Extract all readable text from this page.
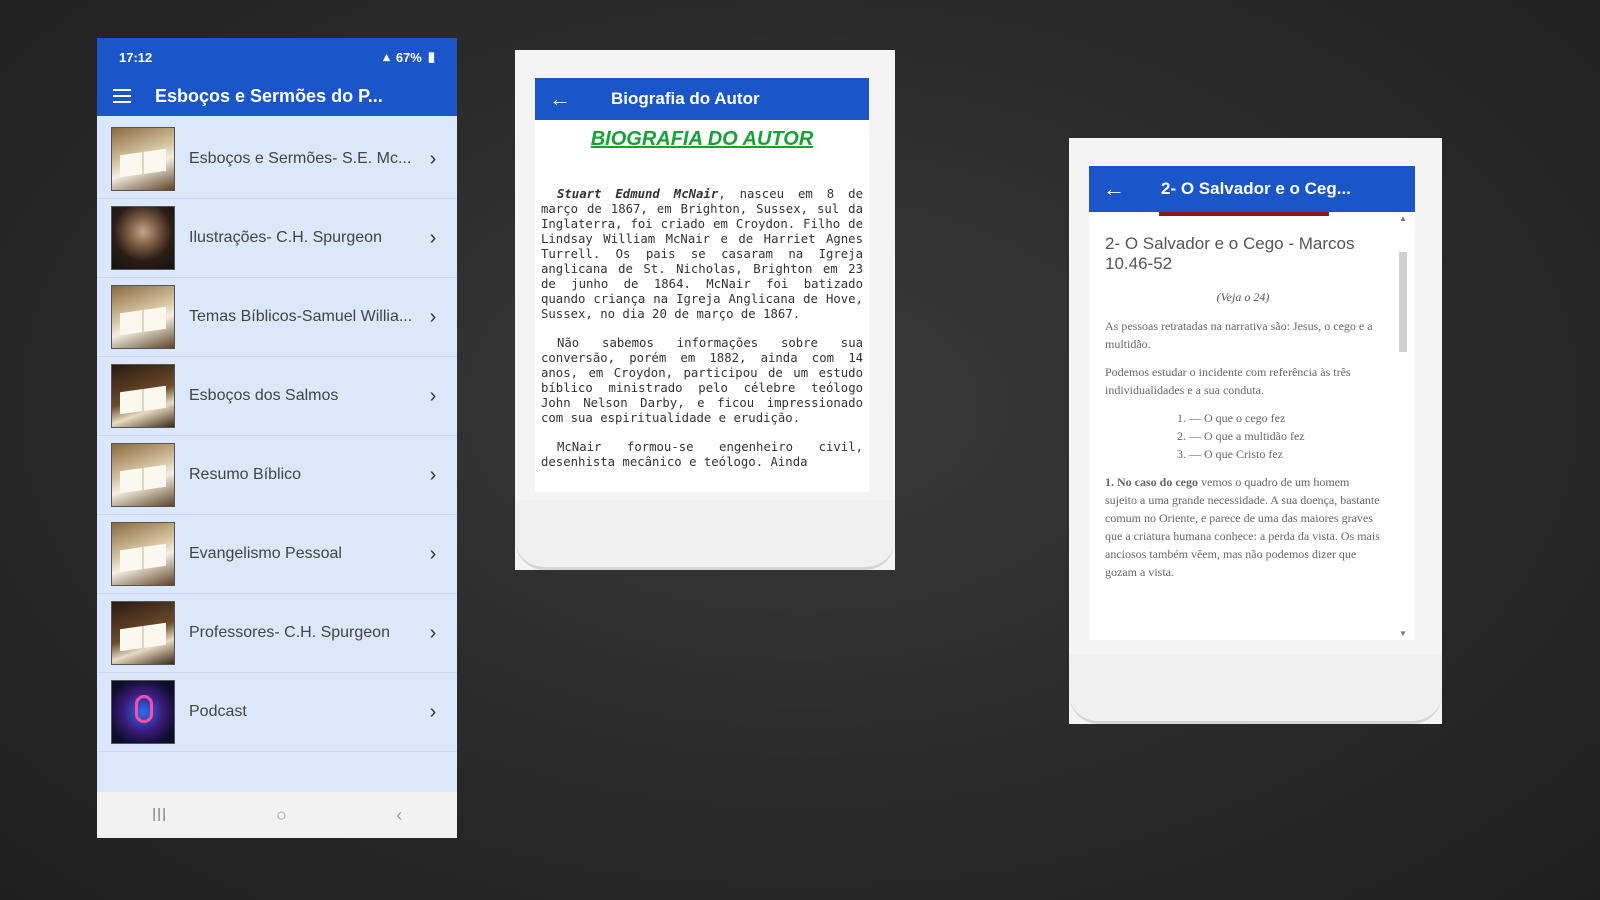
17:12	▴ 67% ▮
Esboços e Sermões do P...
Esboços e Sermões- S.E. Mc... ›
Ilustrações- C.H. Spurgeon	›
Temas Bíblicos-Samuel Willia... ›
Esboços dos Salmos	›
Resumo Bíblico	›
Evangelismo Pessoal	›
Professores- C.H. Spurgeon	›
Podcast	›
III	○	‹
← Biografia do Autor
BIOGRAFIA DO AUTOR

Stuart Edmund McNair, nasceu em 8 de março de 1867, em Brighton, Sussex, sul da Inglaterra, foi criado em Croydon. Filho de Lindsay William McNair e de Harriet Agnes Turrell. Os pais se casaram na Igreja anglicana de St. Nicholas, Brighton em 23 de junho de 1864. McNair foi batizado quando criança na Igreja Anglicana de Hove, Sussex, no dia 20 de março de 1867.

Não sabemos informações sobre sua conversão, porém em 1882, ainda com 14 anos, em Croydon, participou de um estudo bíblico ministrado pelo célebre teólogo John Nelson Darby, e ficou impressionado com sua espiritualidade e erudição.

McNair formou-se engenheiro civil, desenhista mecânico e teólogo. Ainda

← 2- O Salvador e o Ceg...
2- O Salvador e o Cego - Marcos 10.46-52
(Veja o 24)

As pessoas retratadas na narrativa são: Jesus, o cego e a multidão.

Podemos estudar o incidente com referência às três individualidades e a sua conduta.

1. — O que o cego fez
2. — O que a multidão fez
3. — O que Cristo fez

1. No caso do cego vemos o quadro de um homem sujeito a uma grande necessidade. A sua doença, bastante comum no Oriente, e parece de uma das maiores graves que a criatura humana conhece: a perda da vista. Os mais anciosos também vêem, mas não podemos dizer que gozam a vista.

▲
▼
